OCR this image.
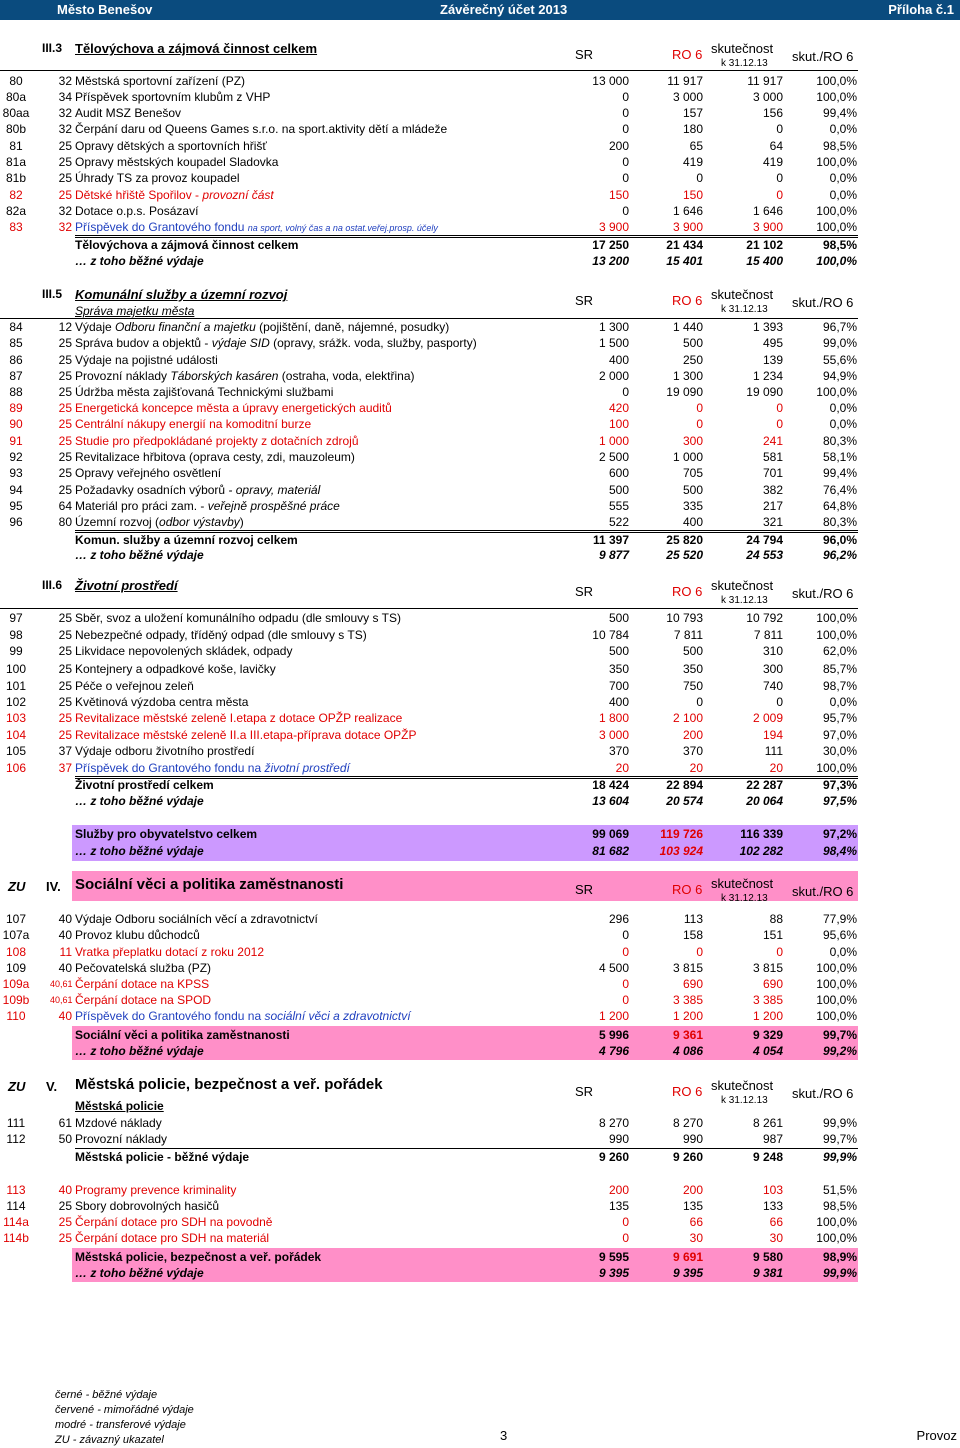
Město Benešov	Závěrečný účet 2013	Příloha č.1
III.3 Tělovýchova a zájmová činnost celkem	SR	RO 6 skutečnost
k 31.12.13 skut./RO 6
80	32 Městská sportovní zařízení (PZ)	13 000	11 917	11 917	100,0%
80a	34 Příspěvek sportovním klubům z VHP	0	3 000	3 000	100,0%
80aa	32 Audit MSZ Benešov	0	157	156	99,4%
80b	32 Čerpání daru od Queens Games s.r.o. na sport.aktivity dětí a mládeže	0	180	0	0,0%
81	25 Opravy dětských a sportovních hřišť	200	65	64	98,5%
81a	25 Opravy městských koupadel Sladovka	0	419	419	100,0%
81b	25 Úhrady TS za provoz koupadel	0	0	0	0,0%
82	25 Dětské hřiště Spořilov - provozní část	150	150	0	0,0%
82a	32 Dotace o.p.s. Posázaví	0	1 646	1 646	100,0%
83	32 Příspěvek do Grantového fondu na sport, volný čas a na ostat.veřej.prosp. účely	3 900	3 900	3 900	100,0%
Tělovýchova a zájmová činnost celkem	17 250	21 434	21 102	98,5%
… z toho běžné výdaje	13 200	15 401	15 400	100,0%
III.5 Komunální služby a územní rozvoj
Správa majetku města
SR	RO 6 skutečnost
k 31.12.13 skut./RO 6
84	12 Výdaje Odboru finanční a majetku (pojištění, daně, nájemné, posudky)	1 300	1 440	1 393	96,7%
85	25 Správa budov a objektů - výdaje SID (opravy, srážk. voda, služby, pasporty)	1 500	500	495	99,0%
86	25 Výdaje na pojistné události	400	250	139	55,6%
87	25 Provozní náklady Táborských kasáren (ostraha, voda, elektřina)	2 000	1 300	1 234	94,9%
88	25 Údržba města zajišťovaná Technickými službami	0	19 090	19 090	100,0%
89	25 Energetická koncepce města a úpravy energetických auditů	420	0	0	0,0%
90	25 Centrální nákupy energií na komoditní burze	100	0	0	0,0%
91	25 Studie pro předpokládané projekty z dotačních zdrojů	1 000	300	241	80,3%
92	25 Revitalizace hřbitova (oprava cesty, zdi, mauzoleum)	2 500	1 000	581	58,1%
93	25 Opravy veřejného osvětlení	600	705	701	99,4%
94	25 Požadavky osadních výborů - opravy, materiál	500	500	382	76,4%
95	64 Materiál pro práci zam. - veřejně prospěšné práce	555	335	217	64,8%
96	80 Územní rozvoj (odbor výstavby)	522	400	321	80,3%
Komun. služby a územní rozvoj celkem	11 397	25 820	24 794	96,0%
… z toho běžné výdaje	9 877	25 520	24 553	96,2%
III.6 Životní prostředí	SR	RO 6 skutečnost
k 31.12.13 skut./RO 6
97	25 Sběr, svoz a uložení komunálního odpadu (dle smlouvy s TS)	500	10 793	10 792	100,0%
98	25 Nebezpečné odpady, tříděný odpad (dle smlouvy s TS)	10 784	7 811	7 811	100,0%
99	25 Likvidace nepovolených skládek, odpady	500	500	310	62,0%
100	25 Kontejnery a odpadkové koše, lavičky	350	350	300	85,7%
101	25 Péče o veřejnou zeleň	700	750	740	98,7%
102	25 Květinová výzdoba centra města	400	0	0	0,0%
103	25 Revitalizace městské zeleně I.etapa z dotace OPŽP realizace	1 800	2 100	2 009	95,7%
104	25 Revitalizace městské zeleně II.a III.etapa-příprava dotace OPŽP	3 000	200	194	97,0%
105	37 Výdaje odboru životního prostředí	370	370	111	30,0%
106	37 Příspěvek do Grantového fondu na životní prostředí	20	20	20	100,0%
Životní prostředí celkem	18 424	22 894	22 287	97,3%
… z toho běžné výdaje	13 604	20 574	20 064	97,5%
Služby pro obyvatelstvo celkem	99 069	119 726	116 339	97,2%
… z toho běžné výdaje	81 682	103 924	102 282	98,4%
ZU IV. Sociální věci a politika zaměstnanosti	SR	RO 6 skutečnost
k 31.12.13 skut./RO 6
107	40 Výdaje Odboru sociálních věcí a zdravotnictví	296	113	88	77,9%
107a	40 Provoz klubu důchodců	0	158	151	95,6%
108	11 Vratka přeplatku dotací z roku 2012	0	0	0	0,0%
109	40 Pečovatelská služba (PZ)	4 500	3 815	3 815	100,0%
109a 40,61 Čerpání dotace na KPSS	0	690	690	100,0%
109b 40,61 Čerpání dotace na SPOD	0	3 385	3 385	100,0%
110	40 Příspěvek do Grantového fondu na sociální věci a zdravotnictví	1 200	1 200	1 200	100,0%
Sociální věci a politika zaměstnanosti	5 996	9 361	9 329	99,7%
… z toho běžné výdaje	4 796	4 086	4 054	99,2%
ZU V. Městská policie, bezpečnost a veř. pořádek
Městská policie
SR	RO 6 skutečnost
k 31.12.13 skut./RO 6
111	61 Mzdové náklady	8 270	8 270	8 261	99,9%
112	50 Provozní náklady	990	990	987	99,7%
Městská policie - běžné výdaje	9 260	9 260	9 248	99,9%
113	40 Programy prevence kriminality	200	200	103	51,5%
114	25 Sbory dobrovolných hasičů	135	135	133	98,5%
114a	25 Čerpání dotace pro SDH na povodně	0	66	66	100,0%
114b	25 Čerpání dotace pro SDH na materiál	0	30	30	100,0%
Městská policie, bezpečnost a veř. pořádek	9 595	9 691	9 580	98,9%
… z toho běžné výdaje	9 395	9 395	9 381	99,9%
černé - běžné výdaje
červené - mimořádné výdaje
modré - transferové výdaje
ZU - závazný ukazatel	3	Provoz
